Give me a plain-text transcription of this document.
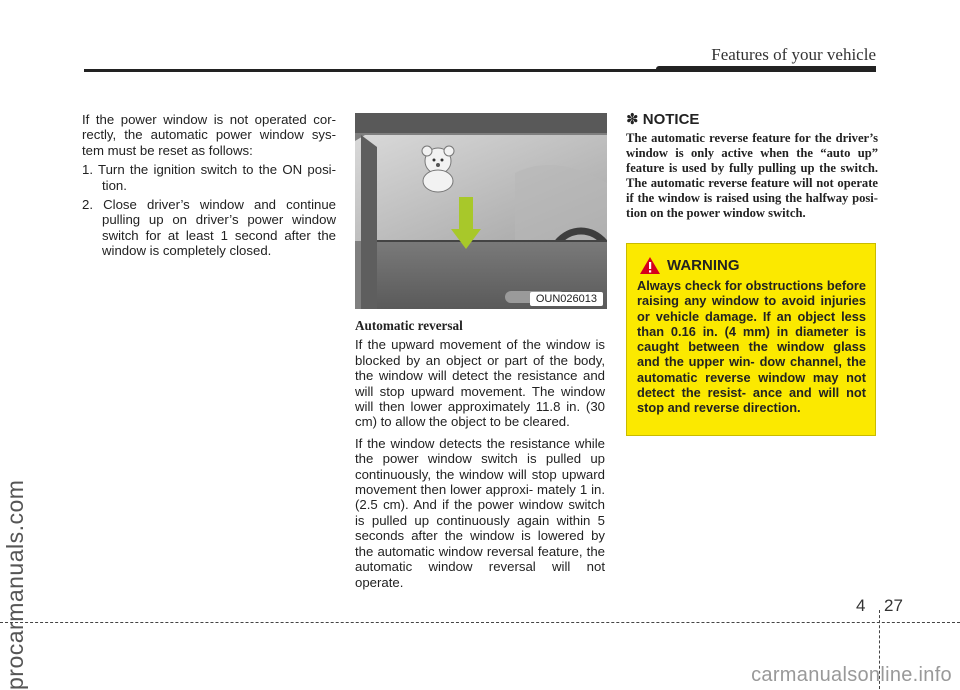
Features of your vehicle
procarmanuals.com

If the power window is not operated cor- rectly, the automatic power window sys- tem must be reset as follows:

1. Turn the ignition switch to the ON posi- tion.
2. Close driver’s window and continue pulling up on driver’s power window switch for at least 1 second after the window is completely closed.
OUN026013
Automatic reversal

If the upward movement of the window is blocked by an object or part of the body, the window will detect the resistance and will stop upward movement. The window will then lower approximately 11.8 in. (30 cm) to allow the object to be cleared.

If the window detects the resistance while the power window switch is pulled up continuously, the window will stop upward movement then lower approxi- mately 1 in. (2.5 cm). And if the power window switch is pulled up continuously again within 5 seconds after the window is lowered by the automatic window reversal feature, the automatic window reversal will not operate.

✽ NOTICE

The automatic reverse feature for the driver’s window is only active when the “auto up” feature is used by fully pulling up the switch. The automatic reverse feature will not operate if the window is raised using the halfway posi- tion on the power window switch.

WARNING

Always check for obstructions before raising any window to avoid injuries or vehicle damage. If an object less than 0.16 in. (4 mm) in diameter is caught between the window glass and the upper win- dow channel, the automatic reverse window may not detect the resist- ance and will not stop and reverse direction.

4 27
carmanualsonline.info
